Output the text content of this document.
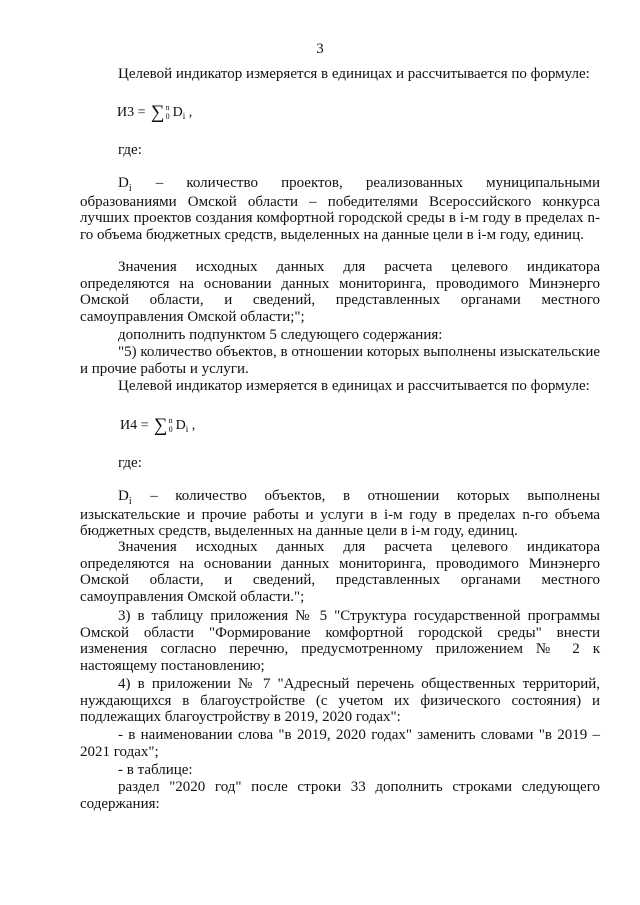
3
Целевой индикатор измеряется в единицах и рассчитывается по формуле:
И3 = ∑ n
0 $D_i$ ,
где:
$D_i$ – количество проектов, реализованных муниципальными образованиями Омской области – победителями Всероссийского конкурса лучших проектов создания комфортной городской среды в i-м году в пределах n-го объема бюджетных средств, выделенных на данные цели в i-м году, единиц.
Значения исходных данных для расчета целевого индикатора определяются на основании данных мониторинга, проводимого Минэнерго Омской области, и сведений, представленных органами местного самоуправления Омской области;";
дополнить подпунктом 5 следующего содержания:
"5) количество объектов, в отношении которых выполнены изыскательские и прочие работы и услуги.
Целевой индикатор измеряется в единицах и рассчитывается по формуле:
И4 = ∑ n
0 $D_i$ ,
где:
$D_i$ – количество объектов, в отношении которых выполнены изыскательские и прочие работы и услуги в i-м году в пределах n-го объема бюджетных средств, выделенных на данные цели в i-м году, единиц.
Значения исходных данных для расчета целевого индикатора определяются на основании данных мониторинга, проводимого Минэнерго Омской области, и сведений, представленных органами местного самоуправления Омской области.";
3) в таблицу приложения № 5 "Структура государственной программы Омской области "Формирование комфортной городской среды" внести изменения согласно перечню, предусмотренному приложением № 2 к настоящему постановлению;
4) в приложении № 7 "Адресный перечень общественных территорий, нуждающихся в благоустройстве (с учетом их физического состояния) и подлежащих благоустройству в 2019, 2020 годах":
- в наименовании слова "в 2019, 2020 годах" заменить словами "в 2019 – 2021 годах";
- в таблице:
раздел "2020 год" после строки 33 дополнить строками следующего содержания:
